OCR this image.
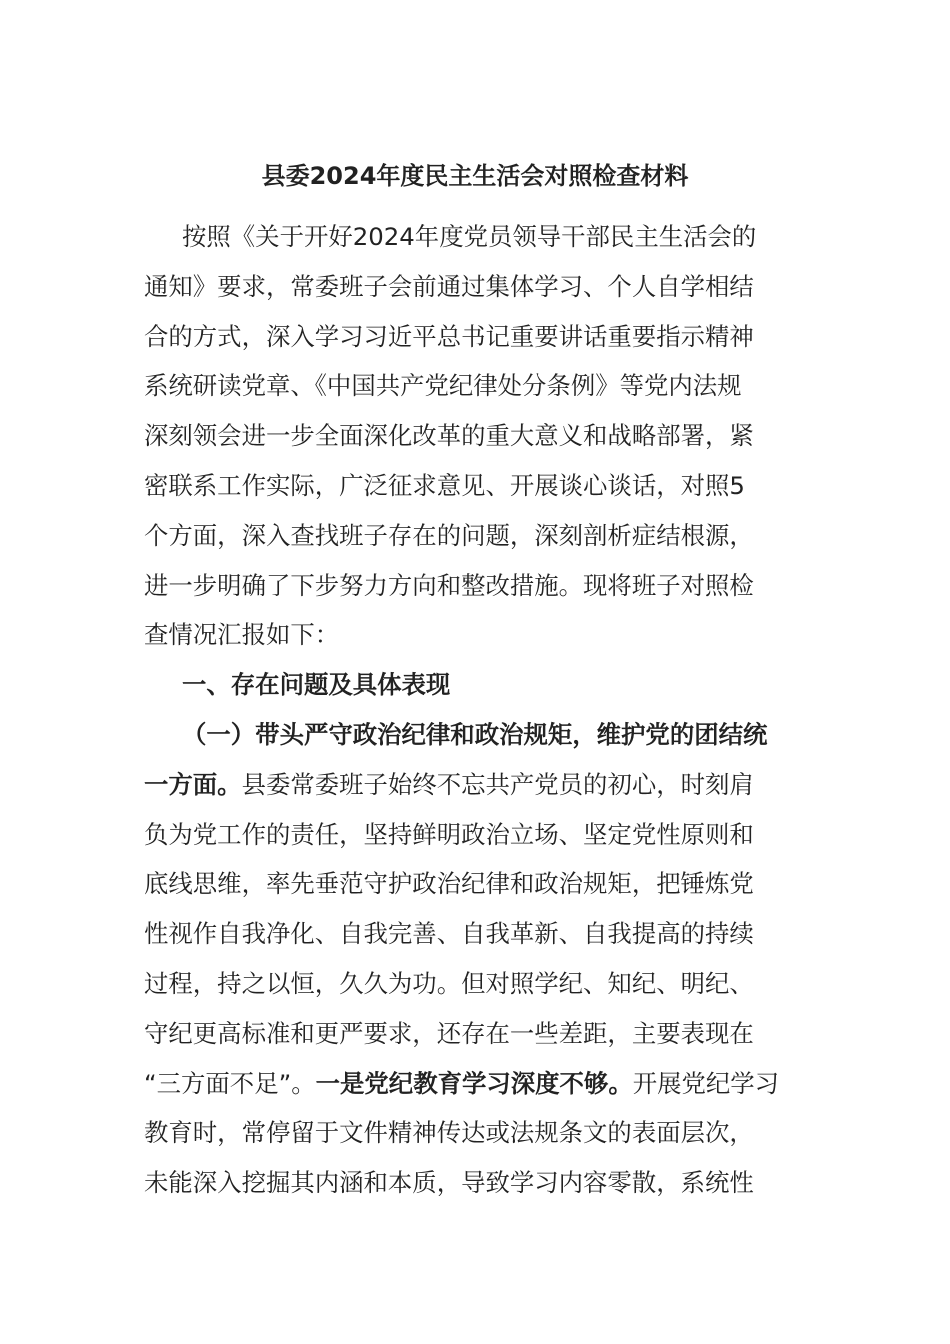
县委2024年度民主生活会对照检查材料
按照《关于开好2024年度党员领导干部民主生活会的
通知》要求，常委班子会前通过集体学习、个人自学相结
合的方式，深入学习习近平总书记重要讲话重要指示精神
系统研读党章、《中国共产党纪律处分条例》等党内法规
深刻领会进一步全面深化改革的重大意义和战略部署，紧
密联系工作实际，广泛征求意见、开展谈心谈话，对照5
个方面，深入查找班子存在的问题，深刻剖析症结根源，
进一步明确了下步努力方向和整改措施。现将班子对照检
查情况汇报如下：
一、存在问题及具体表现
（一）带头严守政治纪律和政治规矩，维护党的团结统
一方面。县委常委班子始终不忘共产党员的初心，时刻肩
负为党工作的责任，坚持鲜明政治立场、坚定党性原则和
底线思维，率先垂范守护政治纪律和政治规矩，把锤炼党
性视作自我净化、自我完善、自我革新、自我提高的持续
过程，持之以恒，久久为功。但对照学纪、知纪、明纪、
守纪更高标准和更严要求，还存在一些差距，主要表现在
“三方面不足”。一是党纪教育学习深度不够。开展党纪学习
教育时，常停留于文件精神传达或法规条文的表面层次，
未能深入挖掘其内涵和本质，导致学习内容零散，系统性
